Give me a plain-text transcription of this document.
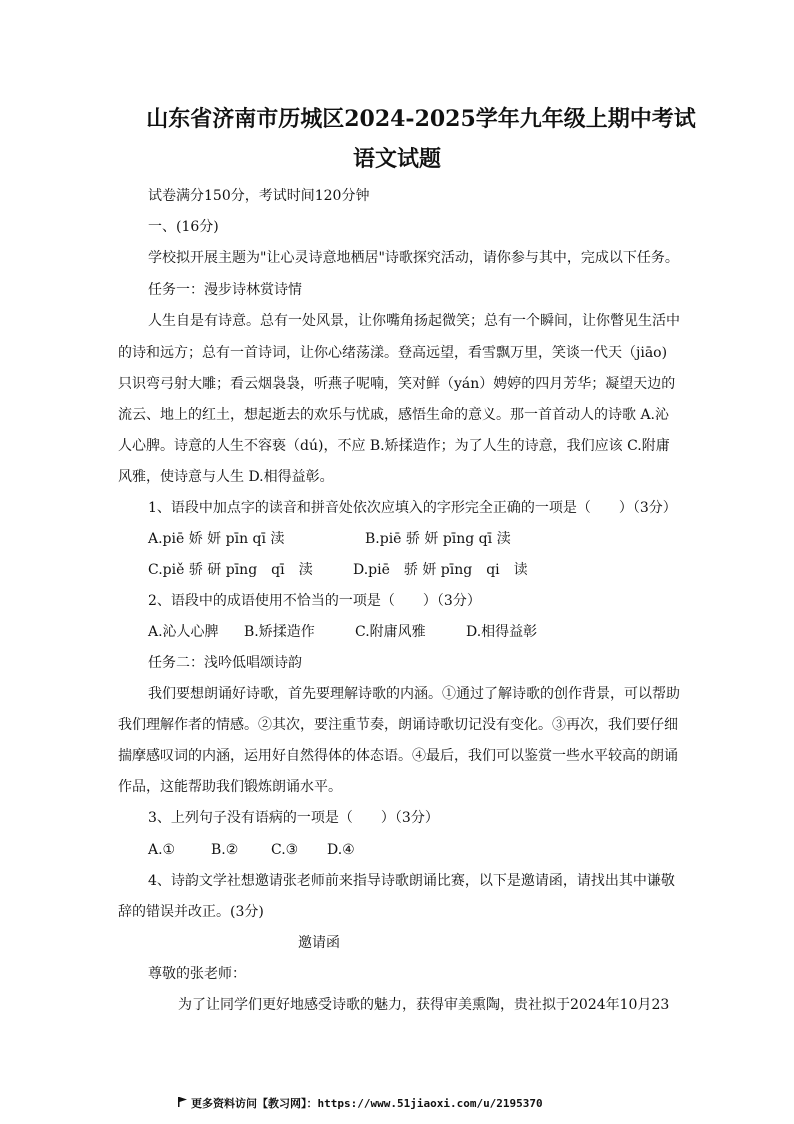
山东省济南市历城区2024-2025学年九年级上期中考试
语文试题
试卷满分150分，考试时间120分钟
一、(16分)
学校拟开展主题为"让心灵诗意地栖居"诗歌探究活动，请你参与其中，完成以下任务。
任务一：漫步诗林赏诗情
人生自是有诗意。总有一处风景，让你嘴角扬起微笑；总有一个瞬间，让你瞥见生活中
的诗和远方；总有一首诗词，让你心绪荡漾。登高远望，看雪飘万里，笑谈一代天（jiāo)
只识弯弓射大雕；看云烟袅袅，听燕子呢喃，笑对鲜（yán）娉婷的四月芳华；凝望天边的
流云、地上的红土，想起逝去的欢乐与忧戚，感悟生命的意义。那一首首动人的诗歌 A.沁
人心脾。诗意的人生不容亵（dú)，不应 B.矫揉造作；为了人生的诗意，我们应该 C.附庸
风雅，使诗意与人生 D.相得益彰。
1、语段中加点字的读音和拼音处依次应填入的字形完全正确的一项是（　　）（3分）
A.piē 娇 妍 pīn qī 渎	B.piē 骄 妍 pīng qī 渎
C.piě 骄 研 pīng　qī　渎	D.piē　骄 妍 pīng　qi　读
2、语段中的成语使用不恰当的一项是（　　）（3分）
A.沁人心脾 B.矫揉造作	C.附庸风雅	D.相得益彰
任务二：浅吟低唱颂诗韵
我们要想朗诵好诗歌，首先要理解诗歌的内涵。①通过了解诗歌的创作背景，可以帮助
我们理解作者的情感。②其次，要注重节奏，朗诵诗歌切记没有变化。③再次，我们要仔细
揣摩感叹词的内涵，运用好自然得体的体态语。④最后，我们可以鉴赏一些水平较高的朗诵
作品，这能帮助我们锻炼朗诵水平。
3、上列句子没有语病的一项是（　　）（3分）
A.①	B.② C.③ D.④
4、诗韵文学社想邀请张老师前来指导诗歌朗诵比赛，以下是邀请函，请找出其中谦敬
辞的错误并改正。(3分)
邀请函
尊敬的张老师：
为了让同学们更好地感受诗歌的魅力，获得审美熏陶，贵社拟于2024年10月23
更多资料访问【教习网】：https://www.51jiaoxi.com/u/2195370
